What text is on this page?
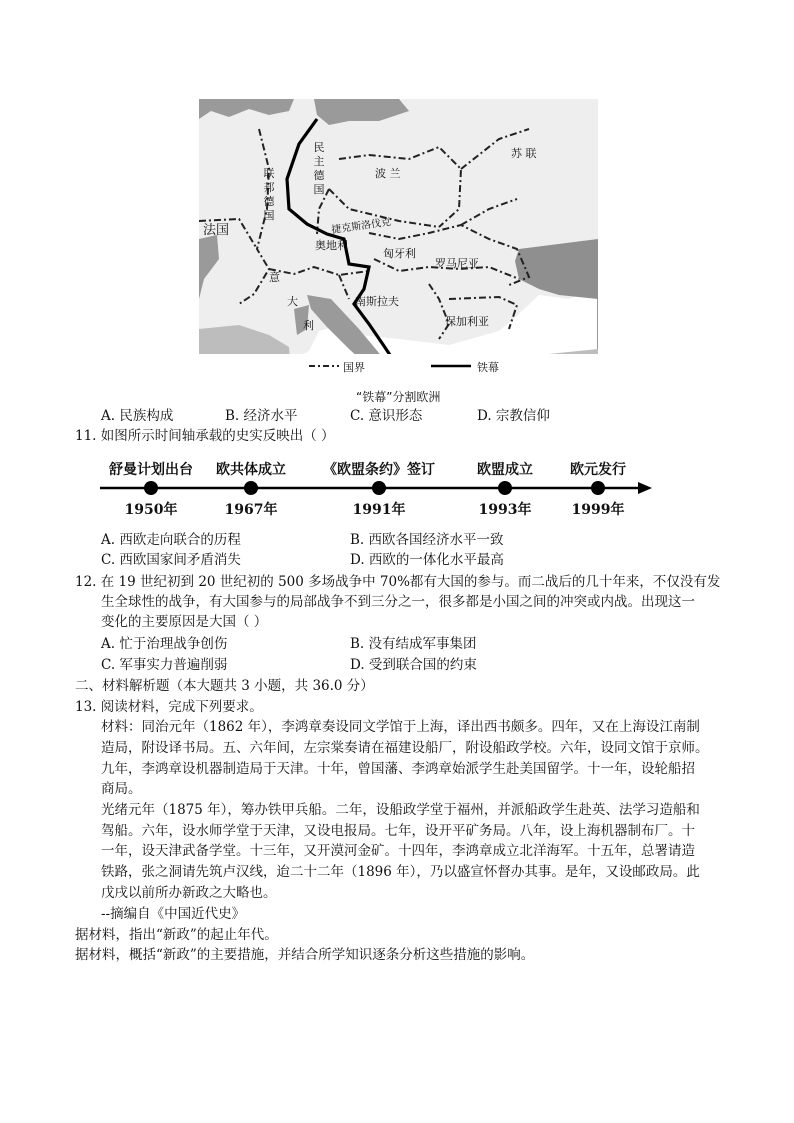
苏 联
民主德国
联邦德国
波 兰
法国	捷克斯洛伐克
奥地利
匈牙利
罗马尼亚
意
大
利
南斯拉夫
保加利亚
国界	铁幕
“铁幕”分割欧洲
A. 民族构成	B. 经济水平	C. 意识形态	D. 宗教信仰
11. 如图所示时间轴承载的史实反映出（ ）
舒曼计划出台 欧共体成立	《欧盟条约》签订	欧盟成立	欧元发行
1950年	1967年	1991年	1993年	1999年
A. 西欧走向联合的历程	B. 西欧各国经济水平一致
C. 西欧国家间矛盾消失	D. 西欧的一体化水平最高
12. 在 19 世纪初到 20 世纪初的 500 多场战争中 70%都有大国的参与。而二战后的几十年来，不仅没有发
生全球性的战争，有大国参与的局部战争不到三分之一，很多都是小国之间的冲突或内战。出现这一
变化的主要原因是大国（ ）
A. 忙于治理战争创伤	B. 没有结成军事集团
C. 军事实力普遍削弱	D. 受到联合国的约束
二、材料解析题（本大题共 3 小题，共 36.0 分）
13. 阅读材料，完成下列要求。
材料：同治元年（1862 年），李鸿章奏设同文学馆于上海，译出西书颇多。四年，又在上海设江南制
造局，附设译书局。五、六年间，左宗棠奏请在福建设船厂，附设船政学校。六年，设同文馆于京师。
九年，李鸿章设机器制造局于天津。十年，曾国藩、李鸿章始派学生赴美国留学。十一年，设轮船招
商局。
光绪元年（1875 年），筹办铁甲兵船。二年，设船政学堂于福州，并派船政学生赴英、法学习造船和
驾船。六年，设水师学堂于天津，又设电报局。七年，设开平矿务局。八年，设上海机器制布厂。十
一年，设天津武备学堂。十三年，又开漠河金矿。十四年，李鸿章成立北洋海军。十五年，总署请造
铁路，张之洞请先筑卢汉线，迨二十二年（1896 年），乃以盛宣怀督办其事。是年，又设邮政局。此
戊戌以前所办新政之大略也。
--摘编自《中国近代史》
据材料，指出“新政”的起止年代。
据材料，概括“新政”的主要措施，并结合所学知识逐条分析这些措施的影响。
